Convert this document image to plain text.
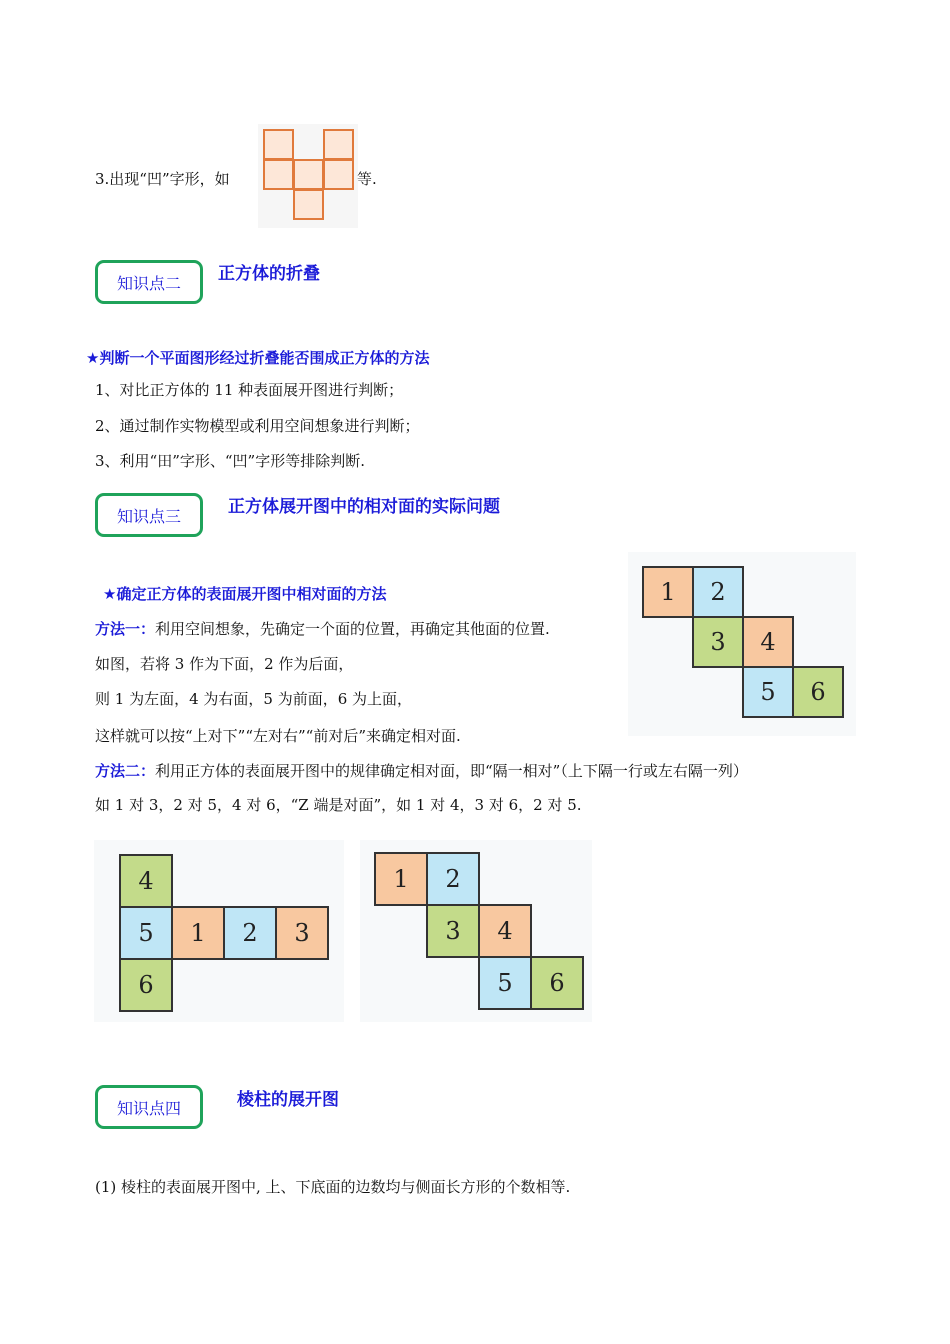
3.出现“凹”字形，如	等.
知识点二	正方体的折叠
★判断一个平面图形经过折叠能否围成正方体的方法
1、对比正方体的 11 种表面展开图进行判断；
2、通过制作实物模型或利用空间想象进行判断；
3、利用“田”字形、“凹”字形等排除判断.
知识点三	正方体展开图中的相对面的实际问题
★确定正方体的表面展开图中相对面的方法
方法一：利用空间想象，先确定一个面的位置，再确定其他面的位置.
如图，若将 3 作为下面，2 作为后面，
则 1 为左面，4 为右面，5 为前面，6 为上面，
这样就可以按“上对下”“左对右”“前对后”来确定相对面.
方法二：利用正方体的表面展开图中的规律确定相对面，即“隔一相对”（上下隔一行或左右隔一列）
如 1 对 3，2 对 5，4 对 6，“Z 端是对面”，如 1 对 4，3 对 6，2 对 5.
1	2
3	4
5	6
4
5	1	2	3
6
1	2
3	4
5	6
知识点四	棱柱的展开图
(1) 棱柱的表面展开图中, 上、下底面的边数均与侧面长方形的个数相等.
